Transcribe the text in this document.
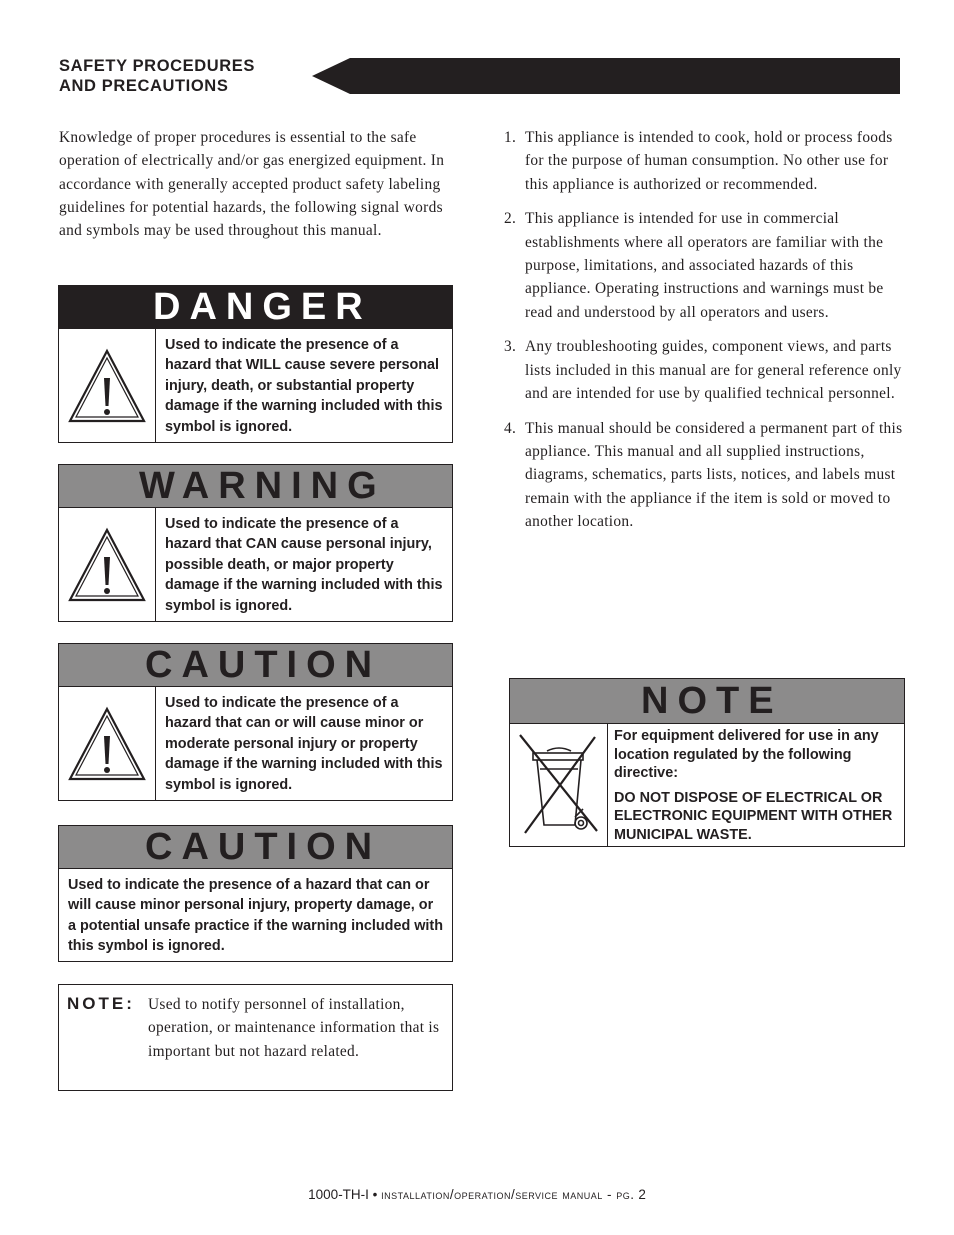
SAFETY PROCEDURES
AND PRECAUTIONS

Knowledge of proper procedures is essential to the safe operation of electrically and/or gas energized equipment. In accordance with generally accepted product safety labeling guidelines for potential hazards, the following signal words and symbols may be used throughout this manual.

DANGER
Used to indicate the presence of a hazard that WILL cause severe personal injury, death, or substantial property damage if the warning included with this symbol is ignored.
WARNING
Used to indicate the presence of a hazard that CAN cause personal injury, possible death, or major property damage if the warning included with this symbol is ignored.
CAUTION
Used to indicate the presence of a hazard that can or will cause minor or moderate personal injury or property damage if the warning included with this symbol is ignored.
CAUTION
Used to indicate the presence of a hazard that can or will cause minor personal injury, property damage, or a potential unsafe practice if the warning included with this symbol is ignored.
NOTE: Used to notify personnel of installation, operation, or maintenance information that is important but not hazard related.
1. This appliance is intended to cook, hold or process foods for the purpose of human consumption. No other use for this appliance is authorized or recommended.
2. This appliance is intended for use in commercial establishments where all operators are familiar with the purpose, limitations, and associated hazards of this appliance. Operating instructions and warnings must be read and understood by all operators and users.
3. Any troubleshooting guides, component views, and parts lists included in this manual are for general reference only and are intended for use by qualified technical personnel.
4. This manual should be considered a permanent part of this appliance. This manual and all supplied instructions, diagrams, schematics, parts lists, notices, and labels must remain with the appliance if the item is sold or moved to another location.
NOTE

For equipment delivered for use in any location regulated by the following directive:

DO NOT DISPOSE OF ELECTRICAL OR ELECTRONIC EQUIPMENT WITH OTHER MUNICIPAL WASTE.

1000-TH-I • installation/operation/service manual - pg. 2
